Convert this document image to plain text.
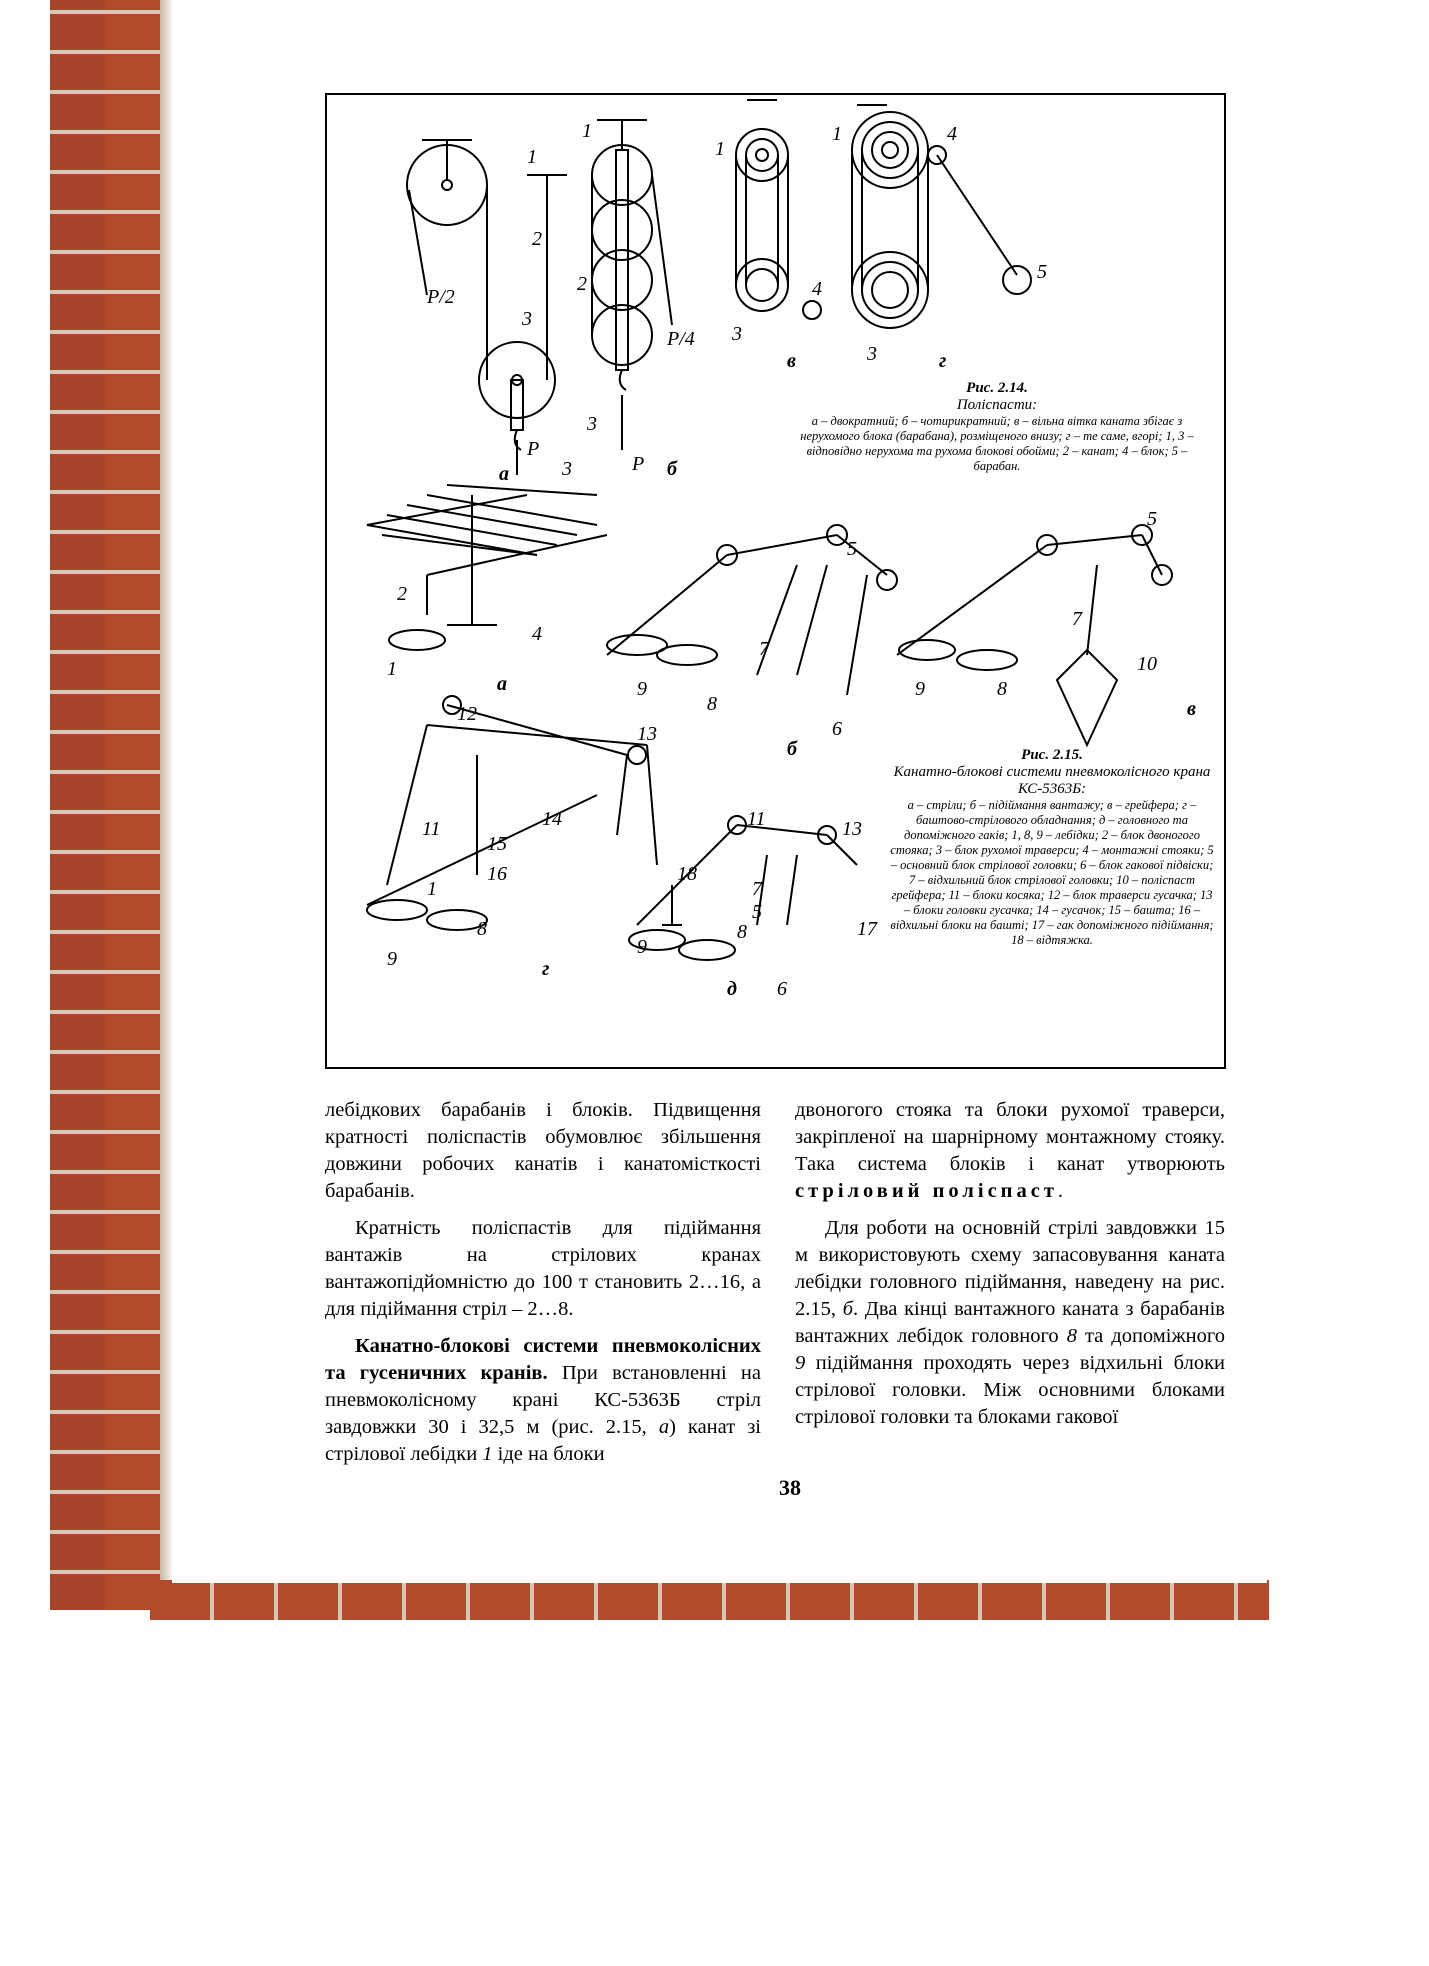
1
2
3
P/2
P
а
1
2
3
P/4
P б
1
3
4
в
1
3
4
5
г
3
2
4
1
а
5
7
6
9
8
б
5
7
10
9	8
в
12
13
14
11
15
16
1
8
9	г
11	13
18
7
5
6
17
8
9
д
Рис. 2.14.
Поліспасти:
а – двократний; б – чотирикратний; в – вільна вітка каната збігає з нерухомого блока (барабана), розміщеного внизу; г – те саме, вгорі; 1, 3 – відповідно нерухома та рухома блокові обойми; 2 – канат; 4 – блок; 5 – барабан.
Рис. 2.15.
Канатно-блокові системи пневмоколісного крана КС-5363Б:
а – стріли; б – підіймання вантажу; в – грейфера; г – баштово-стрілового обладнання; д – головного та допоміжного гаків; 1, 8, 9 – лебідки; 2 – блок двоногого стояка; 3 – блок рухомої траверси; 4 – монтажні стояки; 5 – основний блок стрілової головки; 6 – блок гакової підвіски; 7 – відхильний блок стрілової головки; 10 – поліспаст грейфера; 11 – блоки косяка; 12 – блок траверси гусачка; 13 – блоки головки гусачка; 14 – гусачок; 15 – башта; 16 – відхильні блоки на башті; 17 – гак допоміжного підіймання; 18 – відтяжка.

лебідкових барабанів і блоків. Підвищення кратності поліспастів обумовлює збільшення довжини робочих канатів і канатомісткості барабанів.

Кратність поліспастів для підіймання вантажів на стрілових кранах вантажопідйомністю до 100 т становить 2…16, а для підіймання стріл – 2…8.

Канатно-блокові системи пневмоколісних та гусеничних кранів. При встановленні на пневмоколісному крані КС-5363Б стріл завдовжки 30 і 32,5 м (рис. 2.15, а) канат зі стрілової лебідки 1 іде на блоки

двоногого стояка та блоки рухомої траверси, закріпленої на шарнірному монтажному стояку. Така система блоків і канат утворюють стріловий поліспаст.

Для роботи на основній стрілі завдовжки 15 м використовують схему запасовування каната лебідки головного підіймання, наведену на рис. 2.15, б. Два кінці вантажного каната з барабанів вантажних лебідок головного 8 та допоміжного 9 підіймання проходять через відхильні блоки стрілової головки. Між основними блоками стрілової головки та блоками гакової

38
